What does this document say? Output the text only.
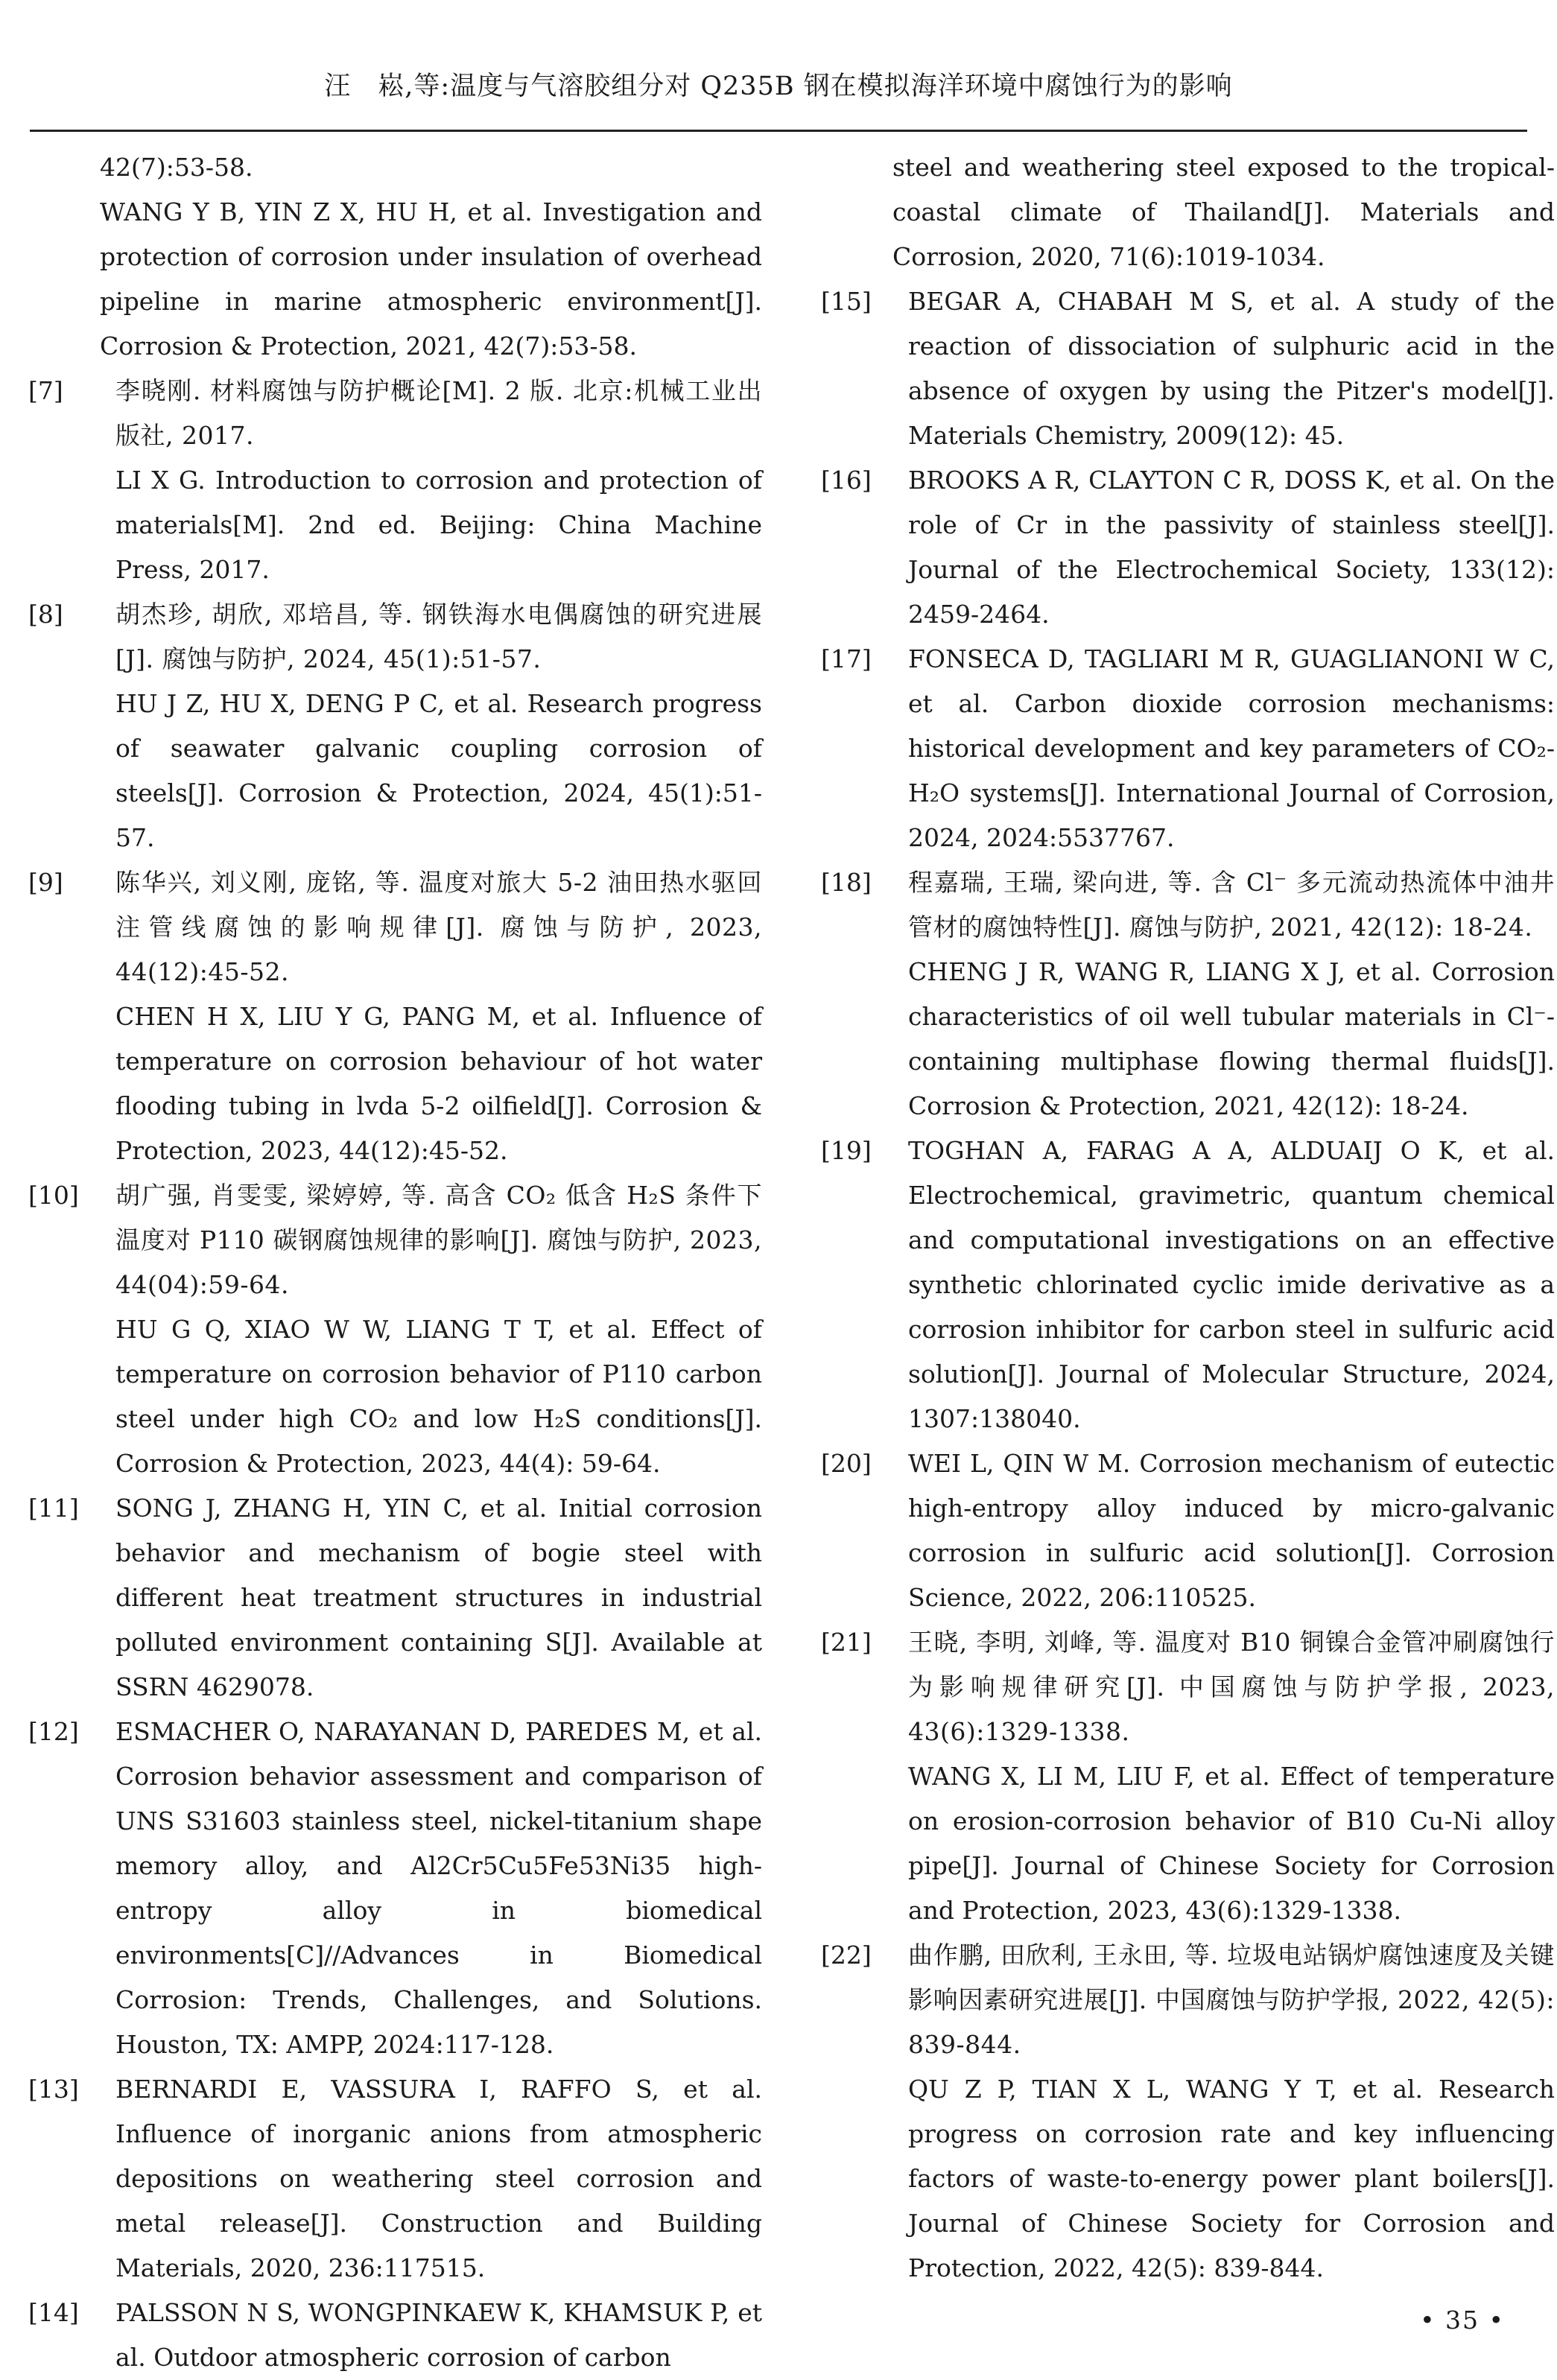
汪　崧,等:温度与气溶胶组分对 Q235B 钢在模拟海洋环境中腐蚀行为的影响
42(7):53-58.
WANG Y B, YIN Z X, HU H, et al. Investigation and protection of corrosion under insulation of overhead pipeline in marine atmospheric environment[J]. Corrosion & Protection, 2021, 42(7):53-58.
[7]	李晓刚. 材料腐蚀与防护概论[M]. 2 版. 北京:机械工业出版社, 2017.
LI X G. Introduction to corrosion and protection of materials[M]. 2nd ed. Beijing: China Machine Press, 2017.
[8]	胡杰珍, 胡欣, 邓培昌, 等. 钢铁海水电偶腐蚀的研究进展[J]. 腐蚀与防护, 2024, 45(1):51-57.
HU J Z, HU X, DENG P C, et al. Research progress of seawater galvanic coupling corrosion of steels[J]. Corrosion & Protection, 2024, 45(1):51-57.
[9]	陈华兴, 刘义刚, 庞铭, 等. 温度对旅大 5-2 油田热水驱回注管线腐蚀的影响规律[J]. 腐蚀与防护, 2023, 44(12):45-52.
CHEN H X, LIU Y G, PANG M, et al. Influence of temperature on corrosion behaviour of hot water flooding tubing in lvda 5-2 oilfield[J]. Corrosion & Protection, 2023, 44(12):45-52.
[10]	胡广强, 肖雯雯, 梁婷婷, 等. 高含 CO₂ 低含 H₂S 条件下温度对 P110 碳钢腐蚀规律的影响[J]. 腐蚀与防护, 2023, 44(04):59-64.
HU G Q, XIAO W W, LIANG T T, et al. Effect of temperature on corrosion behavior of P110 carbon steel under high CO₂ and low H₂S conditions[J]. Corrosion & Protection, 2023, 44(4): 59-64.
[11]	SONG J, ZHANG H, YIN C, et al. Initial corrosion behavior and mechanism of bogie steel with different heat treatment structures in industrial polluted environment containing S[J]. Available at SSRN 4629078.
[12]	ESMACHER O, NARAYANAN D, PAREDES M, et al. Corrosion behavior assessment and comparison of UNS S31603 stainless steel, nickel-titanium shape memory alloy, and Al2Cr5Cu5Fe53Ni35 high-entropy alloy in biomedical environments[C]//Advances in Biomedical Corrosion: Trends, Challenges, and Solutions. Houston, TX: AMPP, 2024:117-128.
[13]	BERNARDI E, VASSURA I, RAFFO S, et al. Influence of inorganic anions from atmospheric depositions on weathering steel corrosion and metal release[J]. Construction and Building Materials, 2020, 236:117515.
[14]	PALSSON N S, WONGPINKAEW K, KHAMSUK P, et al. Outdoor atmospheric corrosion of carbon
steel and weathering steel exposed to the tropical-coastal climate of Thailand[J]. Materials and Corrosion, 2020, 71(6):1019-1034.
[15]	BEGAR A, CHABAH M S, et al. A study of the reaction of dissociation of sulphuric acid in the absence of oxygen by using the Pitzer's model[J]. Materials Chemistry, 2009(12): 45.
[16]	BROOKS A R, CLAYTON C R, DOSS K, et al. On the role of Cr in the passivity of stainless steel[J]. Journal of the Electrochemical Society, 133(12): 2459-2464.
[17]	FONSECA D, TAGLIARI M R, GUAGLIANONI W C, et al. Carbon dioxide corrosion mechanisms: historical development and key parameters of CO₂-H₂O systems[J]. International Journal of Corrosion, 2024, 2024:5537767.
[18]	程嘉瑞, 王瑞, 梁向进, 等. 含 Cl⁻ 多元流动热流体中油井管材的腐蚀特性[J]. 腐蚀与防护, 2021, 42(12): 18-24.
CHENG J R, WANG R, LIANG X J, et al. Corrosion characteristics of oil well tubular materials in Cl⁻-containing multiphase flowing thermal fluids[J]. Corrosion & Protection, 2021, 42(12): 18-24.
[19]	TOGHAN A, FARAG A A, ALDUAIJ O K, et al. Electrochemical, gravimetric, quantum chemical and computational investigations on an effective synthetic chlorinated cyclic imide derivative as a corrosion inhibitor for carbon steel in sulfuric acid solution[J]. Journal of Molecular Structure, 2024, 1307:138040.
[20]	WEI L, QIN W M. Corrosion mechanism of eutectic high-entropy alloy induced by micro-galvanic corrosion in sulfuric acid solution[J]. Corrosion Science, 2022, 206:110525.
[21]	王晓, 李明, 刘峰, 等. 温度对 B10 铜镍合金管冲刷腐蚀行为影响规律研究[J]. 中国腐蚀与防护学报, 2023, 43(6):1329-1338.
WANG X, LI M, LIU F, et al. Effect of temperature on erosion-corrosion behavior of B10 Cu-Ni alloy pipe[J]. Journal of Chinese Society for Corrosion and Protection, 2023, 43(6):1329-1338.
[22]	曲作鹏, 田欣利, 王永田, 等. 垃圾电站锅炉腐蚀速度及关键影响因素研究进展[J]. 中国腐蚀与防护学报, 2022, 42(5): 839-844.
QU Z P, TIAN X L, WANG Y T, et al. Research progress on corrosion rate and key influencing factors of waste-to-energy power plant boilers[J]. Journal of Chinese Society for Corrosion and Protection, 2022, 42(5): 839-844.
• 35 •
